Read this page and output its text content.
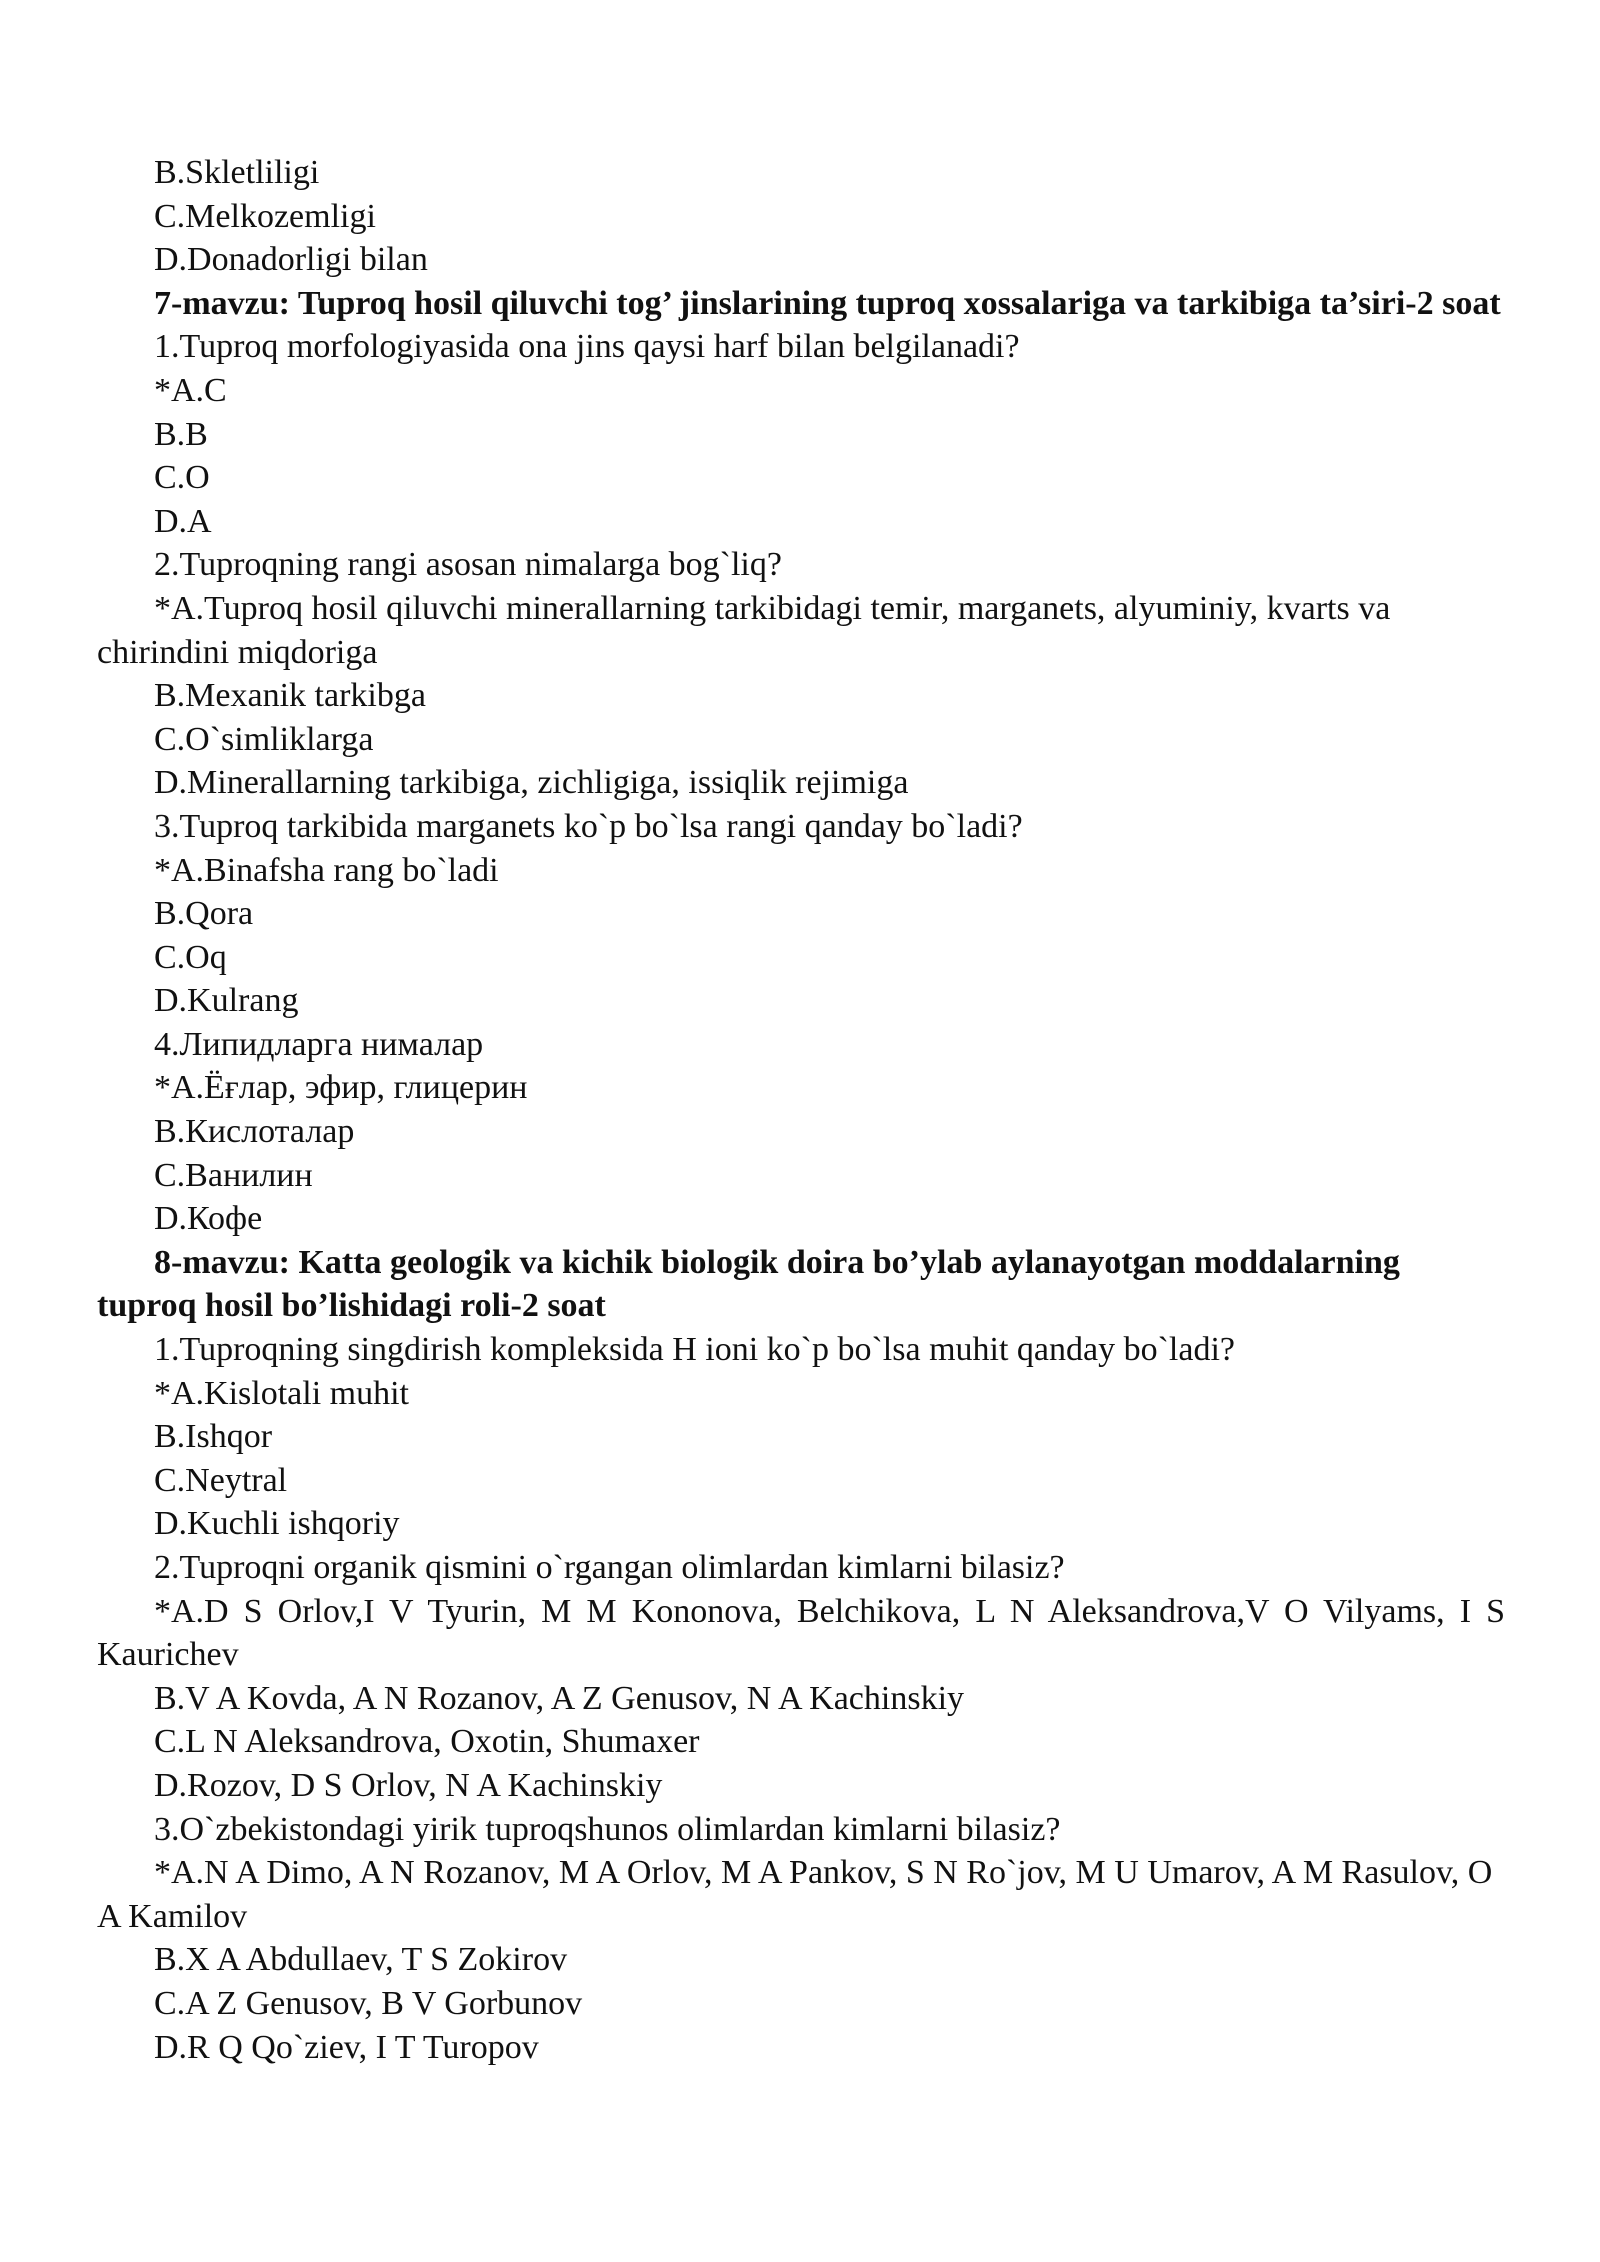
B.Skletliligi

C.Melkozemligi

D.Donadorligi bilan

7-mavzu: Tuproq hosil qiluvchi tog’ jinslarining tuproq xossalariga va tarkibiga ta’siri-2 soat

1.Tuproq morfologiyasida ona jins qaysi harf bilan belgilanadi?

*A.C

B.B

C.O

D.A

2.Tuproqning rangi asosan nimalarga bog`liq?

*A.Tuproq hosil qiluvchi minerallarning tarkibidagi temir, marganets, alyuminiy, kvarts va chirindini miqdoriga

B.Mexanik tarkibga

C.O`simliklarga

D.Minerallarning tarkibiga, zichligiga, issiqlik rejimiga

3.Tuproq tarkibida marganets ko`p bo`lsa rangi qanday bo`ladi?

*A.Binafsha rang bo`ladi

B.Qora

C.Oq

D.Kulrang

4.Липидларга нималар

*A.Ёғлар, эфир, глицерин

B.Кислоталар

C.Ванилин

D.Кофе

8-mavzu: Katta geologik va kichik biologik doira bo’ylab aylanayotgan moddalarning tuproq hosil bo’lishidagi roli-2 soat

1.Tuproqning singdirish kompleksida H ioni ko`p bo`lsa muhit qanday bo`ladi?

*A.Kislotali muhit

B.Ishqor

C.Neytral

D.Kuchli ishqoriy

2.Tuproqni organik qismini o`rgangan olimlardan kimlarni bilasiz?

*A.D S Orlov,I V Tyurin, M M Kononova, Belchikova, L N Aleksandrova,V O Vilyams, I S Kaurichev

B.V A Kovda, A N Rozanov, A Z Genusov, N A Kachinskiy

C.L N Aleksandrova, Oxotin, Shumaxer

D.Rozov, D S Orlov, N A Kachinskiy

3.O`zbekistondagi yirik tuproqshunos olimlardan kimlarni bilasiz?

*A.N A Dimo, A N Rozanov, M A Orlov, M A Pankov, S N Ro`jov, M U Umarov, A M Rasulov, O A Kamilov

B.X A Abdullaev, T S Zokirov

C.A Z Genusov, B V Gorbunov

D.R Q Qo`ziev, I T Turopov
